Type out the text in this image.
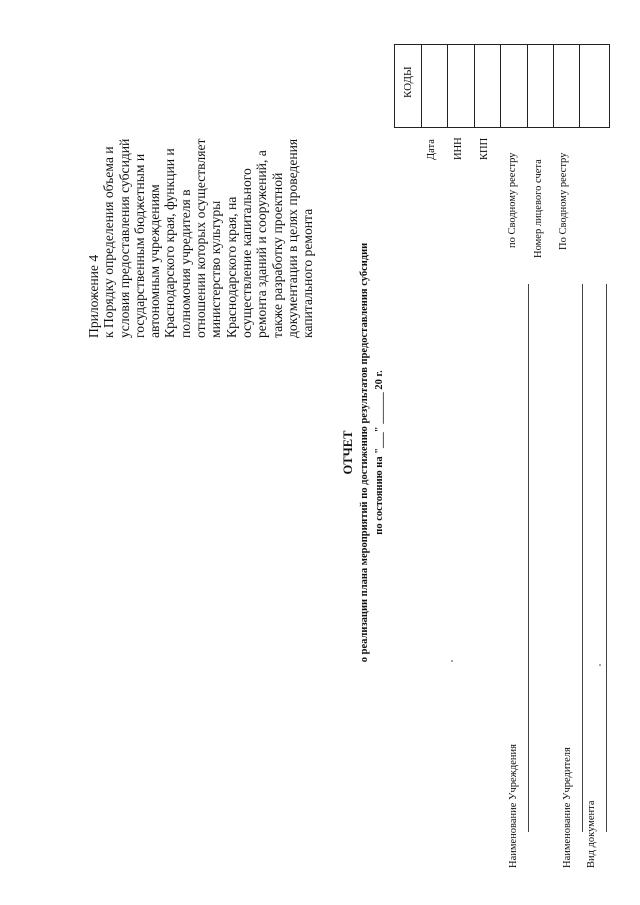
Приложение 4 к Порядку определения объема и условия предоставления субсидий государственным бюджетным и автономным учреждениям Краснодарского края, функции и полномочия учредителя в отношении которых осуществляет министерство культуры Краснодарского края, на осуществление капитального ремонта зданий и сооружений, а также разработку проектной документации в целях проведения капитального ремонта
ОТЧЕТ о реализации плана мероприятий по достижению результатов предоставления субсидии по состоянию на "___" ______ 20 г.
Наименование Учреждения	Наименование Учредителя Вид документа
Дата ИНН КПП
по Сводному реестру Номер лицевого счета По Сводному реестру
КОДЫ
